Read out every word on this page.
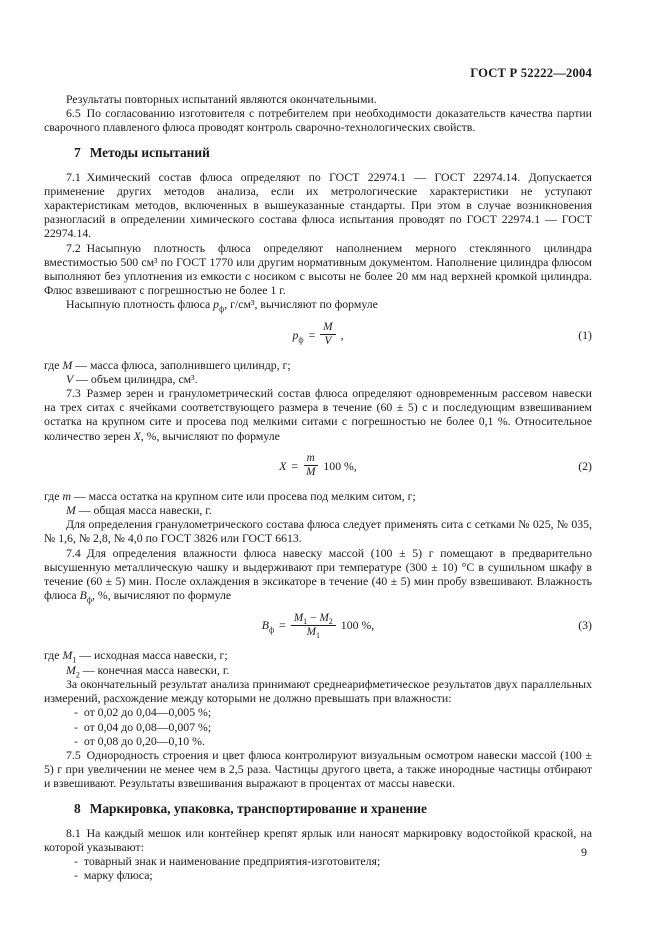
ГОСТ Р 52222—2004

Результаты повторных испытаний являются окончательными.

6.5 По согласованию изготовителя с потребителем при необходимости доказательств качества партии сварочного плавленого флюса проводят контроль сварочно-технологических свойств.

7 Методы испытаний

7.1 Химический состав флюса определяют по ГОСТ 22974.1 — ГОСТ 22974.14. Допускается применение других методов анализа, если их метрологические характеристики не уступают характеристикам методов, включенных в вышеуказанные стандарты. При этом в случае возникновения разногласий в определении химического состава флюса испытания проводят по ГОСТ 22974.1 — ГОСТ 22974.14.

7.2 Насыпную плотность флюса определяют наполнением мерного стеклянного цилиндра вместимостью 500 см³ по ГОСТ 1770 или другим нормативным документом. Наполнение цилиндра флюсом выполняют без уплотнения из емкости с носиком с высоты не более 20 мм над верхней кромкой цилиндра. Флюс взвешивают с погрешностью не более 1 г.

Насыпную плотность флюса $p_ф$, г/см³, вычисляют по формуле

$p_ф = \frac{M}{V}$ ,	(1)

где M — масса флюса, заполнившего цилиндр, г;

V — объем цилиндра, см³.

7.3 Размер зерен и гранулометрический состав флюса определяют одновременным рассевом навески на трех ситах с ячейками соответствующего размера в течение (60 ± 5) с и последующим взвешиванием остатка на крупном сите и просева под мелкими ситами с погрешностью не более 0,1 %. Относительное количество зерен X, %, вычисляют по формуле

$X = \frac{m}{M} 100$ %,	(2)

где m — масса остатка на крупном сите или просева под мелким ситом, г;

M — общая масса навески, г.

Для определения гранулометрического состава флюса следует применять сита с сетками № 025, № 035, № 1,6, № 2,8, № 4,0 по ГОСТ 3826 или ГОСТ 6613.

7.4 Для определения влажности флюса навеску массой (100 ± 5) г помещают в предварительно высушенную металлическую чашку и выдерживают при температуре (300 ± 10) °С в сушильном шкафу в течение (60 ± 5) мин. После охлаждения в эксикаторе в течение (40 ± 5) мин пробу взвешивают. Влажность флюса $B_ф$, %, вычисляют по формуле

$B_ф = \frac{M_1 - M_2}{M_1} 100$ %,	(3)

где $M_1$ — исходная масса навески, г;

$M_2$ — конечная масса навески, г.

За окончательный результат анализа принимают среднеарифметическое результатов двух параллельных измерений, расхождение между которыми не должно превышать при влажности:

- от 0,02 до 0,04—0,005 %;

- от 0,04 до 0,08—0,007 %;

- от 0,08 до 0,20—0,10 %.

7.5 Однородность строения и цвет флюса контролируют визуальным осмотром навески массой (100 ± 5) г при увеличении не менее чем в 2,5 раза. Частицы другого цвета, а также инородные частицы отбирают и взвешивают. Результаты взвешивания выражают в процентах от массы навески.

8 Маркировка, упаковка, транспортирование и хранение

8.1 На каждый мешок или контейнер крепят ярлык или наносят маркировку водостойкой краской, на которой указывают:

- товарный знак и наименование предприятия-изготовителя;

- марку флюса;

9
